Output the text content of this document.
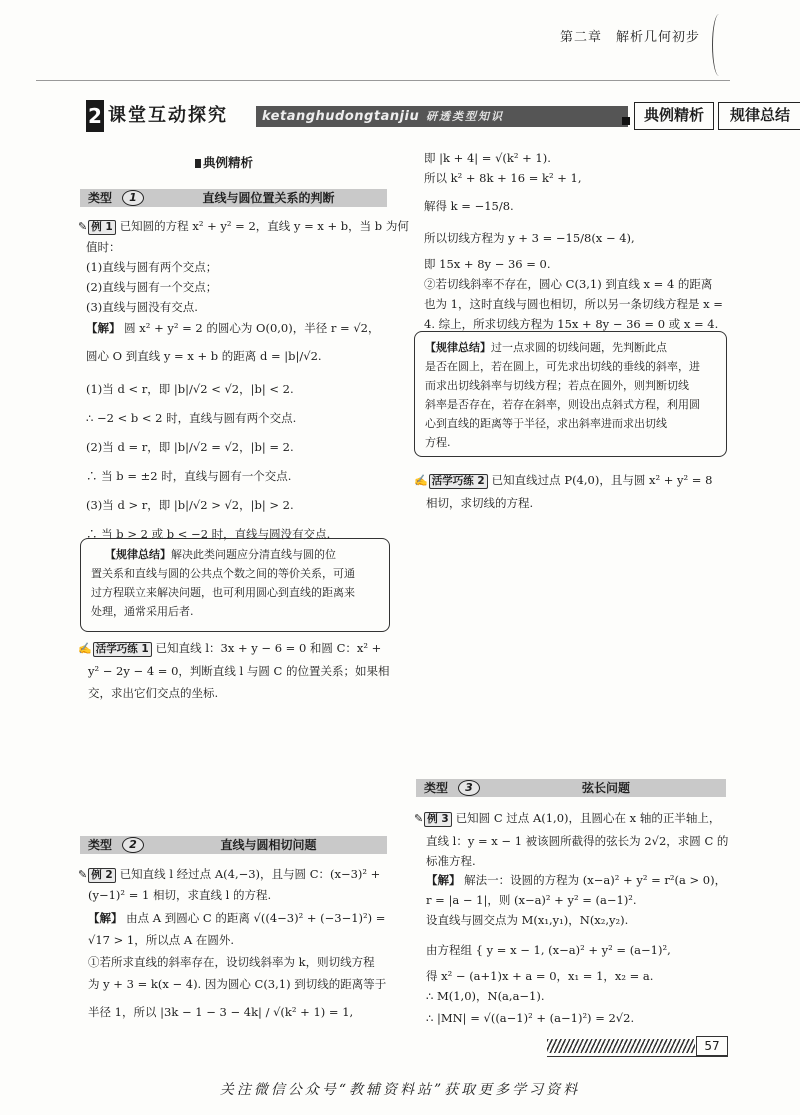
第二章　解析几何初步
2 课堂互动探究	ketanghudongtanjiu 研透类型知识	典例精析	规律总结
典例精析
类型	1	直线与圆位置关系的判断
✎ 例 1 已知圆的方程 x² + y² = 2，直线 y = x + b，当 b 为何
值时：
(1)直线与圆有两个交点；
(2)直线与圆有一个交点；
(3)直线与圆没有交点.
【解】 圆 x² + y² = 2 的圆心为 O(0,0)，半径 r = √2，
圆心 O 到直线 y = x + b 的距离 d = |b|/√2.
(1)当 d < r，即 |b|/√2 < √2，|b| < 2.
∴ −2 < b < 2 时，直线与圆有两个交点.
(2)当 d = r，即 |b|/√2 = √2，|b| = 2.
∴ 当 b = ±2 时，直线与圆有一个交点.
(3)当 d > r，即 |b|/√2 > √2，|b| > 2.
∴ 当 b > 2 或 b < −2 时，直线与圆没有交点.
【规律总结】解决此类问题应分清直线与圆的位
置关系和直线与圆的公共点个数之间的等价关系，可通
过方程联立来解决问题，也可利用圆心到直线的距离来
处理，通常采用后者.
✍ 活学巧练 1 已知直线 l：3x + y − 6 = 0 和圆 C：x² +
y² − 2y − 4 = 0，判断直线 l 与圆 C 的位置关系；如果相
交，求出它们交点的坐标.
类型	2	直线与圆相切问题
✎ 例 2 已知直线 l 经过点 A(4,−3)，且与圆 C：(x−3)² +
(y−1)² = 1 相切，求直线 l 的方程.
【解】 由点 A 到圆心 C 的距离 √((4−3)² + (−3−1)²) =
√17 > 1，所以点 A 在圆外.
①若所求直线的斜率存在，设切线斜率为 k，则切线方程
为 y + 3 = k(x − 4). 因为圆心 C(3,1) 到切线的距离等于
半径 1，所以 |3k − 1 − 3 − 4k| / √(k² + 1) = 1,
即 |k + 4| = √(k² + 1).
所以 k² + 8k + 16 = k² + 1,
解得 k = −15/8.
所以切线方程为 y + 3 = −15/8(x − 4),
即 15x + 8y − 36 = 0.
②若切线斜率不存在，圆心 C(3,1) 到直线 x = 4 的距离
也为 1，这时直线与圆也相切，所以另一条切线方程是 x =
4. 综上，所求切线方程为 15x + 8y − 36 = 0 或 x = 4.
【规律总结】过一点求圆的切线问题，先判断此点
是否在圆上，若在圆上，可先求出切线的垂线的斜率，进
而求出切线斜率与切线方程；若点在圆外，则判断切线
斜率是否存在，若存在斜率，则设出点斜式方程，利用圆
心到直线的距离等于半径，求出斜率进而求出切线
方程.
✍ 活学巧练 2 已知直线过点 P(4,0)，且与圆 x² + y² = 8
相切，求切线的方程.
类型	3	弦长问题
✎ 例 3 已知圆 C 过点 A(1,0)，且圆心在 x 轴的正半轴上，
直线 l：y = x − 1 被该圆所截得的弦长为 2√2，求圆 C 的
标准方程.
【解】 解法一：设圆的方程为 (x−a)² + y² = r²(a > 0)，
r = |a − 1|，则 (x−a)² + y² = (a−1)².
设直线与圆交点为 M(x₁,y₁)，N(x₂,y₂).
由方程组 { y = x − 1, (x−a)² + y² = (a−1)²,
得 x² − (a+1)x + a = 0，x₁ = 1，x₂ = a.
∴ M(1,0)，N(a,a−1).
∴ |MN| = √((a−1)² + (a−1)²) = 2√2.
57
关注微信公众号“教辅资料站”获取更多学习资料
